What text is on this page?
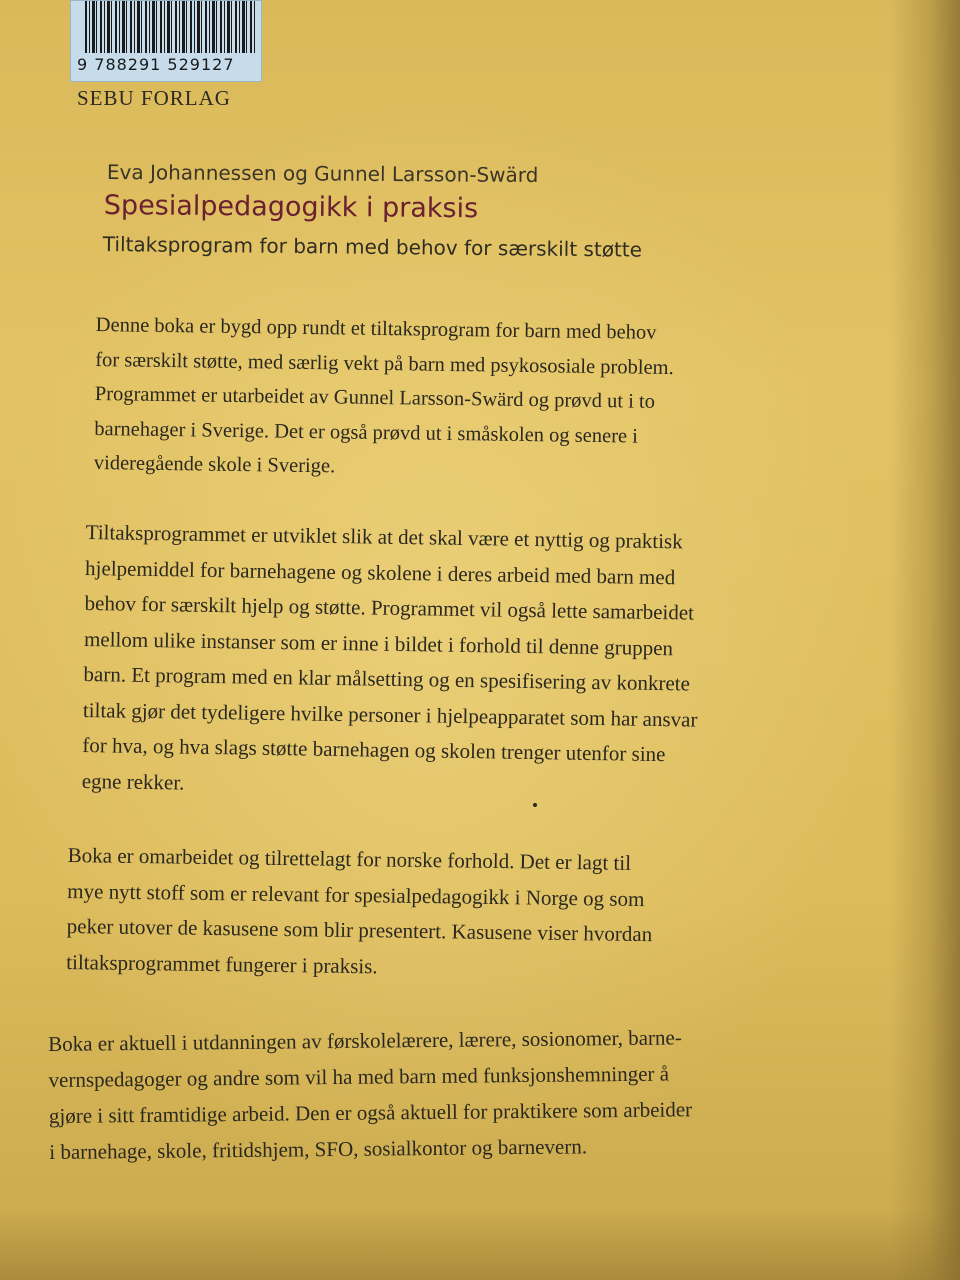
9 788291 529127
SEBU FORLAG
Eva Johannessen og Gunnel Larsson-Swärd
Spesialpedagogikk i praksis
Tiltaksprogram for barn med behov for særskilt støtte
Denne boka er bygd opp rundt et tiltaksprogram for barn med behov
for særskilt støtte, med særlig vekt på barn med psykososiale problem.
Programmet er utarbeidet av Gunnel Larsson-Swärd og prøvd ut i to
barnehager i Sverige. Det er også prøvd ut i småskolen og senere i
videregående skole i Sverige.
Tiltaksprogrammet er utviklet slik at det skal være et nyttig og praktisk
hjelpemiddel for barnehagene og skolene i deres arbeid med barn med
behov for særskilt hjelp og støtte. Programmet vil også lette samarbeidet
mellom ulike instanser som er inne i bildet i forhold til denne gruppen
barn. Et program med en klar målsetting og en spesifisering av konkrete
tiltak gjør det tydeligere hvilke personer i hjelpeapparatet som har ansvar
for hva, og hva slags støtte barnehagen og skolen trenger utenfor sine
egne rekker.
Boka er omarbeidet og tilrettelagt for norske forhold. Det er lagt til
mye nytt stoff som er relevant for spesialpedagogikk i Norge og som
peker utover de kasusene som blir presentert. Kasusene viser hvordan
tiltaksprogrammet fungerer i praksis.
Boka er aktuell i utdanningen av førskolelærere, lærere, sosionomer, barne-
vernspedagoger og andre som vil ha med barn med funksjonshemninger å
gjøre i sitt framtidige arbeid. Den er også aktuell for praktikere som arbeider
i barnehage, skole, fritidshjem, SFO, sosialkontor og barnevern.
